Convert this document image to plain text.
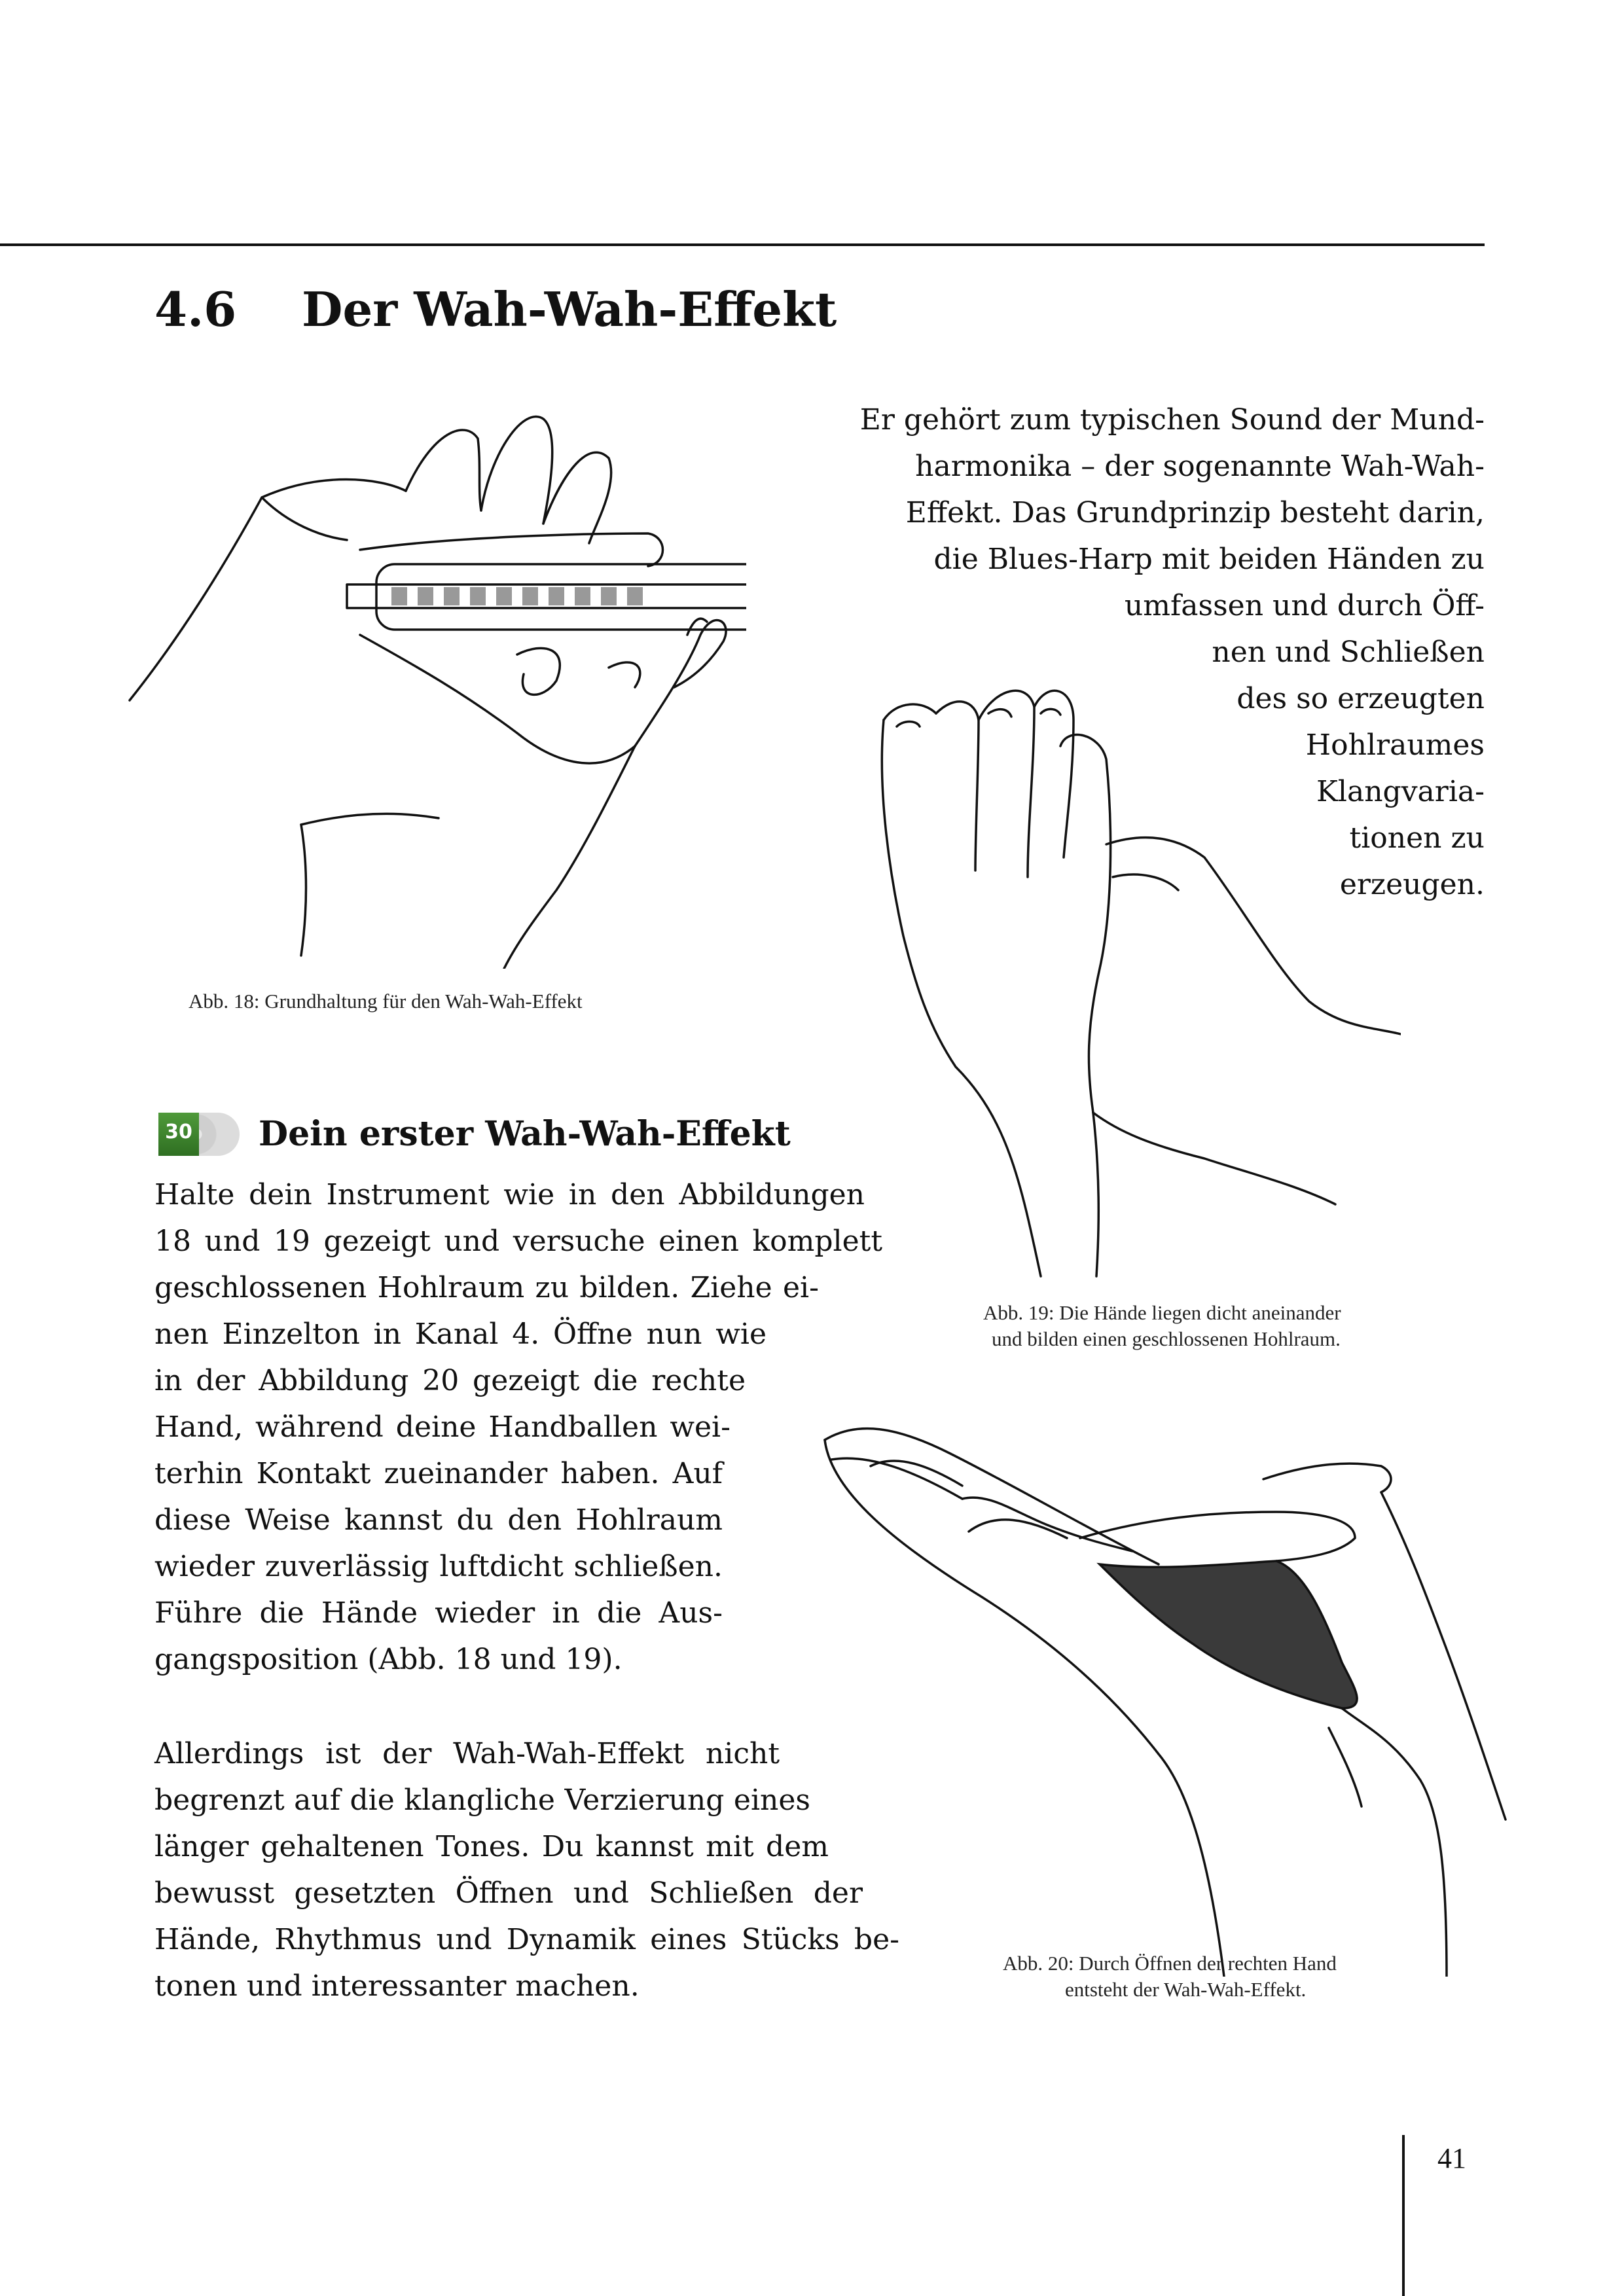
4.6 Der Wah-Wah-Effekt
Abb. 18: Grundhaltung für den Wah-Wah-Effekt
Er gehört zum typischen Sound der Mund-
harmonika – der sogenannte Wah-Wah-
Effekt. Das Grundprinzip besteht darin,
die Blues-Harp mit beiden Händen zu
umfassen und durch Öff-
nen und Schließen
des so erzeugten
Hohlraumes
Klangvaria-
tionen zu
erzeugen.
Abb. 19: Die Hände liegen dicht aneinander
und bilden einen geschlossenen Hohlraum.
Abb. 20: Durch Öffnen der rechten Hand
entsteht der Wah-Wah-Effekt.
30 Dein erster Wah-Wah-Effekt
Halte dein Instrument wie in den Abbildungen
18 und 19 gezeigt und versuche einen komplett
geschlossenen Hohlraum zu bilden. Ziehe ei-
nen Einzelton in Kanal 4. Öffne nun wie
in der Abbildung 20 gezeigt die rechte
Hand, während deine Handballen wei-
terhin Kontakt zueinander haben. Auf
diese Weise kannst du den Hohlraum
wieder zuverlässig luftdicht schließen.
Führe die Hände wieder in die Aus-
gangsposition (Abb. 18 und 19).
Allerdings ist der Wah-Wah-Effekt nicht
begrenzt auf die klangliche Verzierung eines
länger gehaltenen Tones. Du kannst mit dem
bewusst gesetzten Öffnen und Schließen der
Hände, Rhythmus und Dynamik eines Stücks be-
tonen und interessanter machen.
41
